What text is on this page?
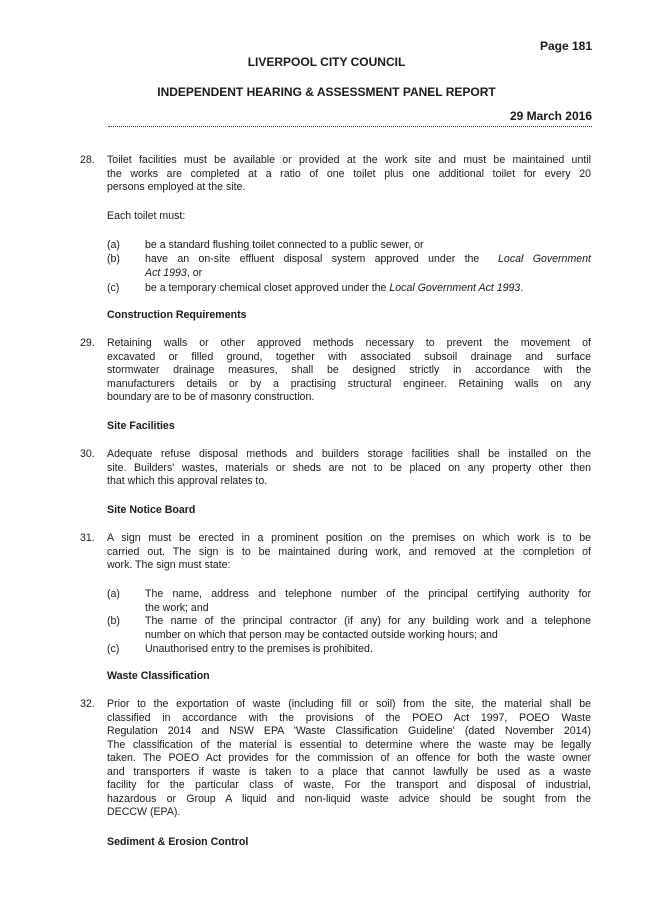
Page 181
LIVERPOOL CITY COUNCIL
INDEPENDENT HEARING & ASSESSMENT PANEL REPORT
29 March 2016
28. Toilet facilities must be available or provided at the work site and must be maintained until
the works are completed at a ratio of one toilet plus one additional toilet for every 20
persons employed at the site.
Each toilet must:
(a) be a standard flushing toilet connected to a public sewer, or
(b) have an on-site effluent disposal system approved under the Local Government
Act 1993, or
(c) be a temporary chemical closet approved under the Local Government Act 1993.
Construction Requirements
29. Retaining walls or other approved methods necessary to prevent the movement of
excavated or filled ground, together with associated subsoil drainage and surface
stormwater drainage measures, shall be designed strictly in accordance with the
manufacturers details or by a practising structural engineer. Retaining walls on any
boundary are to be of masonry construction.
Site Facilities
30. Adequate refuse disposal methods and builders storage facilities shall be installed on the
site. Builders' wastes, materials or sheds are not to be placed on any property other then
that which this approval relates to.
Site Notice Board
31. A sign must be erected in a prominent position on the premises on which work is to be
carried out. The sign is to be maintained during work, and removed at the completion of
work. The sign must state:
(a) The name, address and telephone number of the principal certifying authority for
the work; and
(b) The name of the principal contractor (if any) for any building work and a telephone
number on which that person may be contacted outside working hours; and
(c) Unauthorised entry to the premises is prohibited.
Waste Classification
32. Prior to the exportation of waste (including fill or soil) from the site, the material shall be
classified in accordance with the provisions of the POEO Act 1997, POEO Waste
Regulation 2014 and NSW EPA 'Waste Classification Guideline' (dated November 2014)
The classification of the material is essential to determine where the waste may be legally
taken. The POEO Act provides for the commission of an offence for both the waste owner
and transporters if waste is taken to a place that cannot lawfully be used as a waste
facility for the particular class of waste. For the transport and disposal of industrial,
hazardous or Group A liquid and non-liquid waste advice should be sought from the
DECCW (EPA).
Sediment & Erosion Control
